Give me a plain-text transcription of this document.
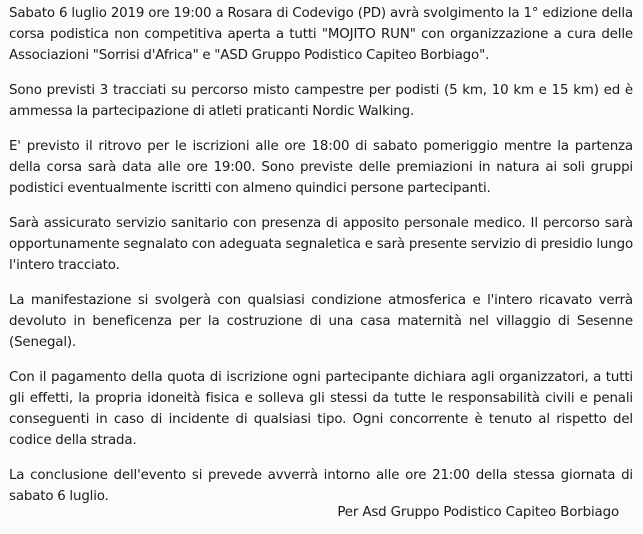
Sabato 6 luglio 2019 ore 19:00 a Rosara di Codevigo (PD) avrà svolgimento la 1° edizione della corsa podistica non competitiva aperta a tutti "MOJITO RUN" con organizzazione a cura delle Associazioni "Sorrisi d'Africa" e "ASD Gruppo Podistico Capiteo Borbiago".

Sono previsti 3 tracciati su percorso misto campestre per podisti (5 km, 10 km e 15 km) ed è ammessa la partecipazione di atleti praticanti Nordic Walking.

E' previsto il ritrovo per le iscrizioni alle ore 18:00 di sabato pomeriggio mentre la partenza della corsa sarà data alle ore 19:00. Sono previste delle premiazioni in natura ai soli gruppi podistici eventualmente iscritti con almeno quindici persone partecipanti.

Sarà assicurato servizio sanitario con presenza di apposito personale medico. Il percorso sarà opportunamente segnalato con adeguata segnaletica e sarà presente servizio di presidio lungo l'intero tracciato.

La manifestazione si svolgerà con qualsiasi condizione atmosferica e l'intero ricavato verrà devoluto in beneficenza per la costruzione di una casa maternità nel villaggio di Sesenne (Senegal).

Con il pagamento della quota di iscrizione ogni partecipante dichiara agli organizzatori, a tutti gli effetti, la propria idoneità fisica e solleva gli stessi da tutte le responsabilità civili e penali conseguenti in caso di incidente di qualsiasi tipo. Ogni concorrente è tenuto al rispetto del codice della strada.

La conclusione dell'evento si prevede avverrà intorno alle ore 21:00 della stessa giornata di sabato 6 luglio.

Per Asd Gruppo Podistico Capiteo Borbiago
